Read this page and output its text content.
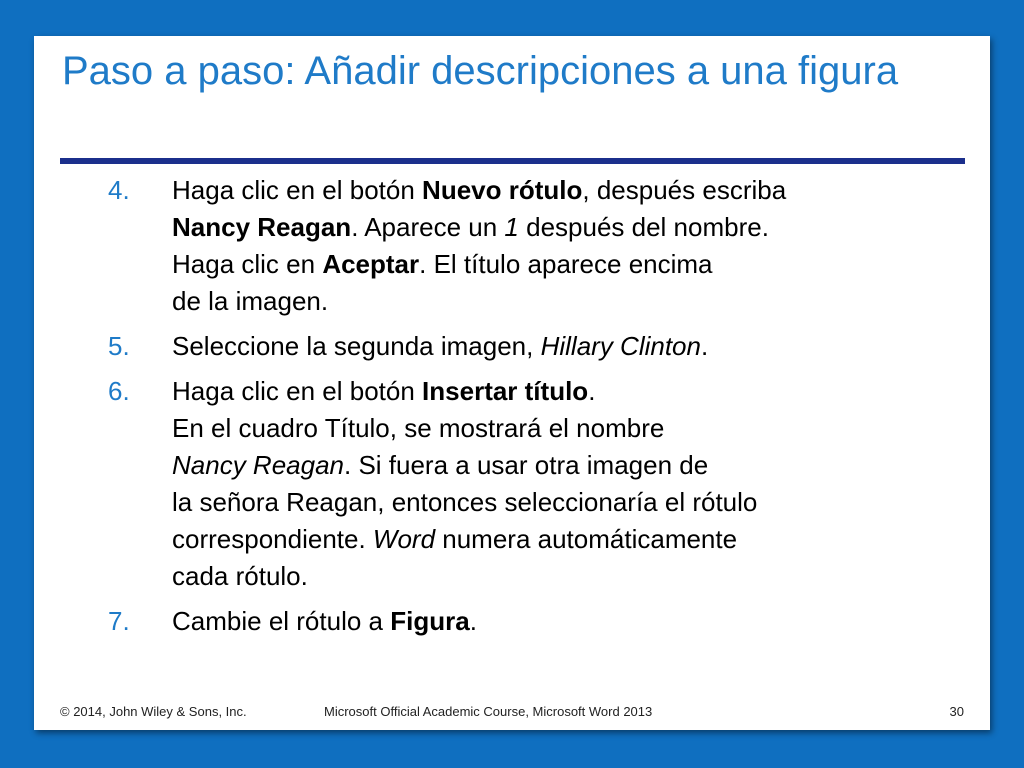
Paso a paso: Añadir descripciones a una figura
4. Haga clic en el botón Nuevo rótulo, después escriba
Nancy Reagan. Aparece un 1 después del nombre.
Haga clic en Aceptar. El título aparece encima
de la imagen.
5. Seleccione la segunda imagen, Hillary Clinton.
6. Haga clic en el botón Insertar título.
En el cuadro Título, se mostrará el nombre
Nancy Reagan. Si fuera a usar otra imagen de
la señora Reagan, entonces seleccionaría el rótulo
correspondiente. Word numera automáticamente
cada rótulo.
7. Cambie el rótulo a Figura.
© 2014, John Wiley & Sons, Inc.	Microsoft Official Academic Course, Microsoft Word 2013	30
